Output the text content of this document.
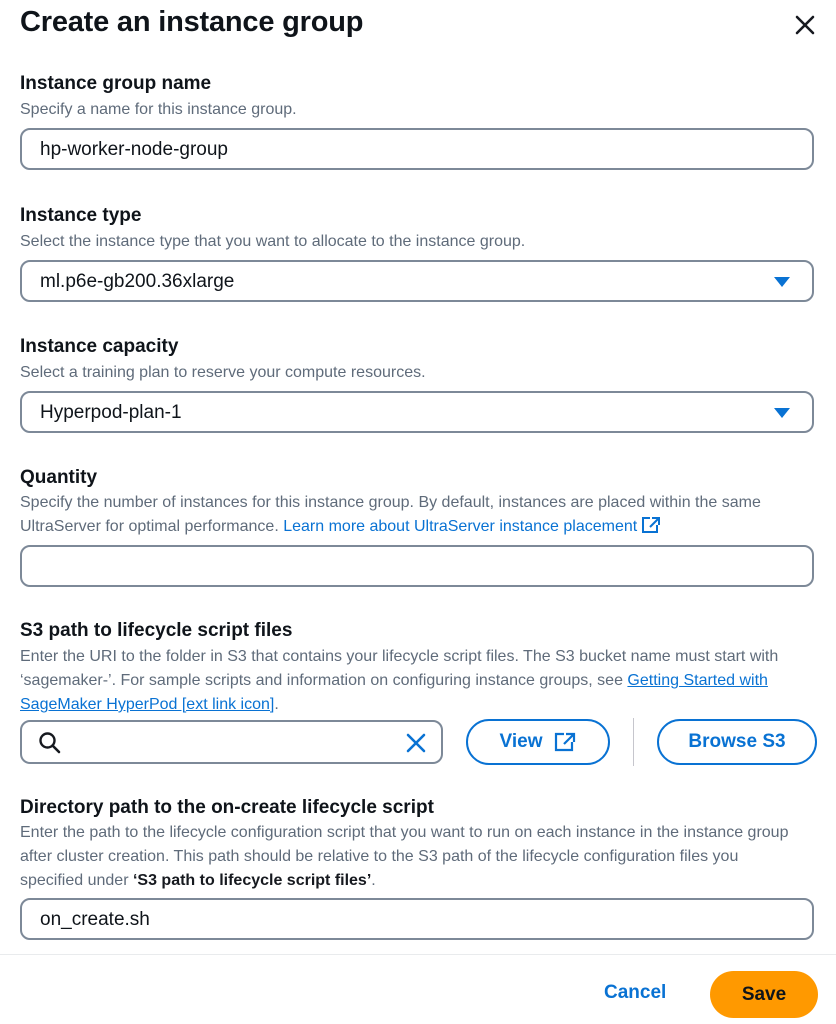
Create an instance group
Instance group name
Specify a name for this instance group.
hp-worker-node-group
Instance type
Select the instance type that you want to allocate to the instance group.
ml.p6e-gb200.36xlarge
Instance capacity
Select a training plan to reserve your compute resources.
Hyperpod-plan-1
Quantity
Specify the number of instances for this instance group. By default, instances are placed within the same UltraServer for optimal performance. Learn more about UltraServer instance placement
S3 path to lifecycle script files
Enter the URI to the folder in S3 that contains your lifecycle script files. The S3 bucket name must start with ‘sagemaker-’. For sample scripts and information on configuring instance groups, see Getting Started with SageMaker HyperPod [ext link icon].
View	Browse S3
Directory path to the on-create lifecycle script
Enter the path to the lifecycle configuration script that you want to run on each instance in the instance group after cluster creation. This path should be relative to the S3 path of the lifecycle configuration files you specified under ‘S3 path to lifecycle script files’.
on_create.sh
Cancel	Save
